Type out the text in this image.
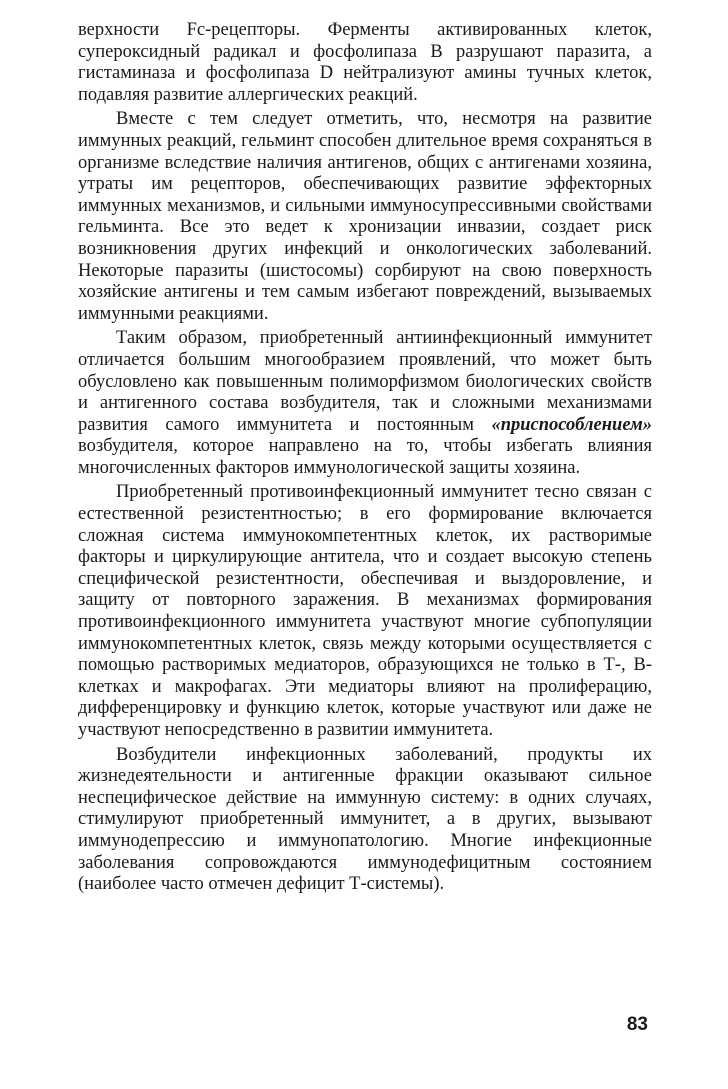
верхности Fc-рецепторы. Ферменты активированных клеток, супероксидный радикал и фосфолипаза В разрушают паразита, а гистаминаза и фосфолипаза D нейтрализуют амины тучных клеток, подавляя развитие аллергических реакций.

Вместе с тем следует отметить, что, несмотря на развитие иммунных реакций, гельминт способен длительное время сохраняться в организме вследствие наличия антигенов, общих с антигенами хозяина, утраты им рецепторов, обеспечивающих развитие эффекторных иммунных механизмов, и сильными иммуносупрессивными свойствами гельминта. Все это ведет к хронизации инвазии, создает риск возникновения других инфекций и онкологических заболеваний. Некоторые паразиты (шистосомы) сорбируют на свою поверхность хозяйские антигены и тем самым избегают повреждений, вызываемых иммунными реакциями.

Таким образом, приобретенный антиинфекционный иммунитет отличается большим многообразием проявлений, что может быть обусловлено как повышенным полиморфизмом биологических свойств и антигенного состава возбудителя, так и сложными механизмами развития самого иммунитета и постоянным «приспособлением» возбудителя, которое направлено на то, чтобы избегать влияния многочисленных факторов иммунологической защиты хозяина.

Приобретенный противоинфекционный иммунитет тесно связан с естественной резистентностью; в его формирование включается сложная система иммунокомпетентных клеток, их растворимые факторы и циркулирующие антитела, что и создает высокую степень специфической резистентности, обеспечивая и выздоровление, и защиту от повторного заражения. В механизмах формирования противоинфекционного иммунитета участвуют многие субпопуляции иммунокомпетентных клеток, связь между которыми осуществляется с помощью растворимых медиаторов, образующихся не только в Т-, В-клетках и макрофагах. Эти медиаторы влияют на пролиферацию, дифференцировку и функцию клеток, которые участвуют или даже не участвуют непосредственно в развитии иммунитета.

Возбудители инфекционных заболеваний, продукты их жизнедеятельности и антигенные фракции оказывают сильное неспецифическое действие на иммунную систему: в одних случаях, стимулируют приобретенный иммунитет, а в других, вызывают иммунодепрессию и иммунопатологию. Многие инфекционные заболевания сопровождаются иммунодефицитным состоянием (наиболее часто отмечен дефицит Т-системы).

83
